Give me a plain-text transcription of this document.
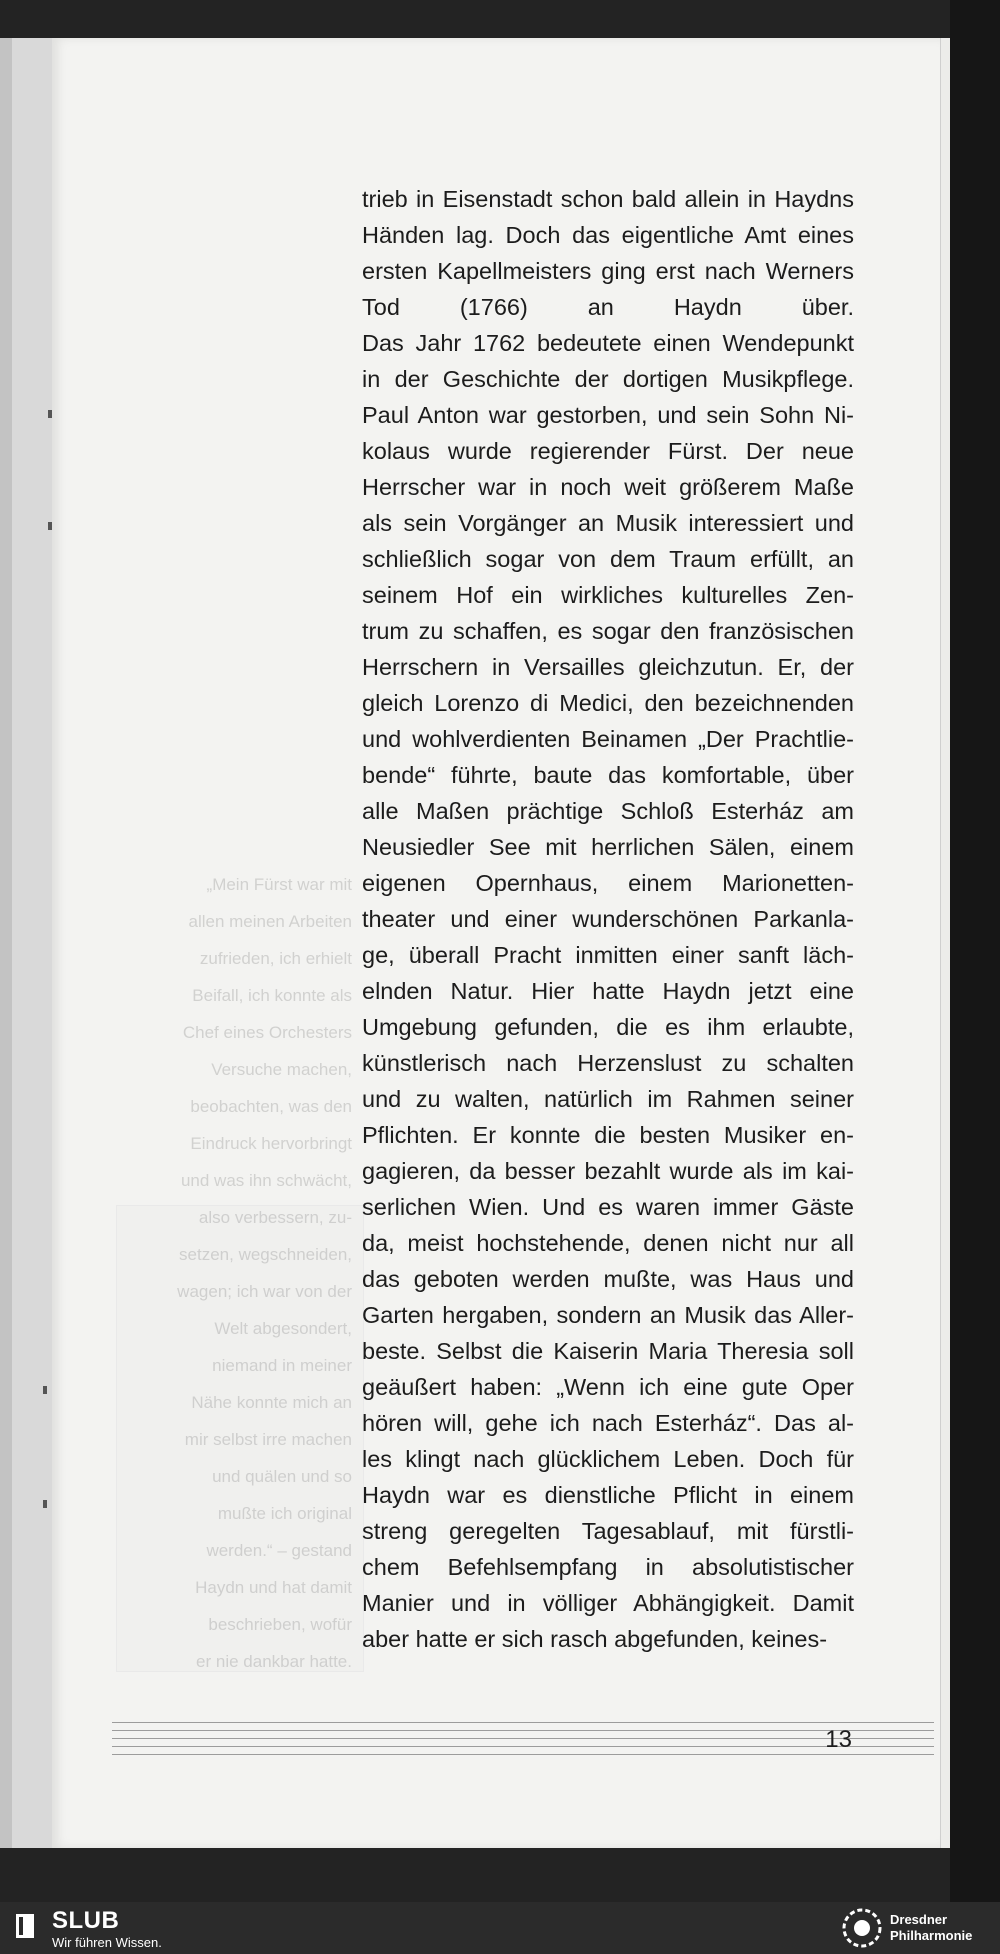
„Mein Fürst war mit
allen meinen Arbeiten
zufrieden, ich erhielt
Beifall, ich konnte als
Chef eines Orchesters
Versuche machen,
beobachten, was den
Eindruck hervorbringt
und was ihn schwächt,
also verbessern, zu-
setzen, wegschneiden,
wagen; ich war von der
Welt abgesondert,
niemand in meiner
Nähe konnte mich an
mir selbst irre machen
und quälen und so
mußte ich original
werden.“ – gestand
Haydn und hat damit
beschrieben, wofür
er nie dankbar hatte.
trieb in Eisenstadt schon bald allein in Haydns
Händen lag. Doch das eigentliche Amt eines
ersten Kapellmeisters ging erst nach Werners
Tod (1766) an Haydn über.
Das Jahr 1762 bedeutete einen Wendepunkt
in der Geschichte der dortigen Musikpflege.
Paul Anton war gestorben, und sein Sohn Ni-
kolaus wurde regierender Fürst. Der neue
Herrscher war in noch weit größerem Maße
als sein Vorgänger an Musik interessiert und
schließlich sogar von dem Traum erfüllt, an
seinem Hof ein wirkliches kulturelles Zen-
trum zu schaffen, es sogar den französischen
Herrschern in Versailles gleichzutun. Er, der
gleich Lorenzo di Medici, den bezeichnenden
und wohlverdienten Beinamen „Der Prachtlie-
bende“ führte, baute das komfortable, über
alle Maßen prächtige Schloß Esterház am
Neusiedler See mit herrlichen Sälen, einem
eigenen Opernhaus, einem Marionetten-
theater und einer wunderschönen Parkanla-
ge, überall Pracht inmitten einer sanft läch-
elnden Natur. Hier hatte Haydn jetzt eine
Umgebung gefunden, die es ihm erlaubte,
künstlerisch nach Herzenslust zu schalten
und zu walten, natürlich im Rahmen seiner
Pflichten. Er konnte die besten Musiker en-
gagieren, da besser bezahlt wurde als im kai-
serlichen Wien. Und es waren immer Gäste
da, meist hochstehende, denen nicht nur all
das geboten werden mußte, was Haus und
Garten hergaben, sondern an Musik das Aller-
beste. Selbst die Kaiserin Maria Theresia soll
geäußert haben: „Wenn ich eine gute Oper
hören will, gehe ich nach Esterház“. Das al-
les klingt nach glücklichem Leben. Doch für
Haydn war es dienstliche Pflicht in einem
streng geregelten Tagesablauf, mit fürstli-
chem Befehlsempfang in absolutistischer
Manier und in völliger Abhängigkeit. Damit
aber hatte er sich rasch abgefunden, keines-
13
SLUB
Wir führen Wissen.
Dresdner
Philharmonie
